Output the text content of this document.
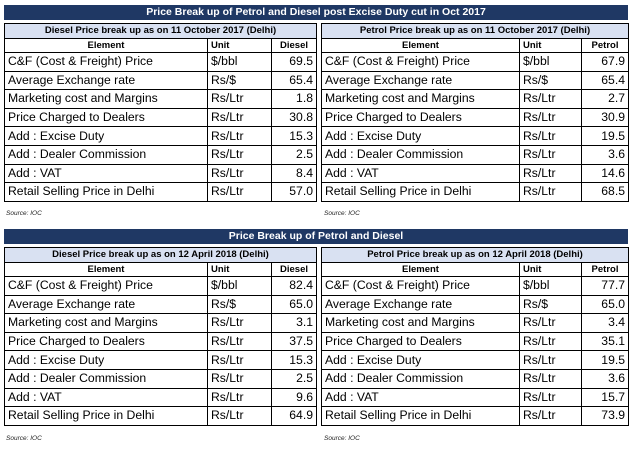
Price Break up of Petrol and Diesel post Excise Duty cut in Oct 2017
Diesel Price break up as on 11 October 2017 (Delhi)		
Element	Unit	Diesel
C&F (Cost & Freight) Price	$/bbl	69.5
Average Exchange rate	Rs/$	65.4
Marketing cost and Margins	Rs/Ltr	1.8
Price Charged to Dealers	Rs/Ltr	30.8
Add : Excise Duty	Rs/Ltr	15.3
Add : Dealer Commission	Rs/Ltr	2.5
Add : VAT	Rs/Ltr	8.4
Retail Selling Price in Delhi	Rs/Ltr	57.0
Source: IOC
Petrol Price break up as on 11 October 2017 (Delhi)		
Element	Unit	Petrol
C&F (Cost & Freight) Price	$/bbl	67.9
Average Exchange rate	Rs/$	65.4
Marketing cost and Margins	Rs/Ltr	2.7
Price Charged to Dealers	Rs/Ltr	30.9
Add : Excise Duty	Rs/Ltr	19.5
Add : Dealer Commission	Rs/Ltr	3.6
Add : VAT	Rs/Ltr	14.6
Retail Selling Price in Delhi	Rs/Ltr	68.5
Source: IOC
Price Break up of Petrol and Diesel
Diesel Price break up as on 12 April 2018 (Delhi)		
Element	Unit	Diesel
C&F (Cost & Freight) Price	$/bbl	82.4
Average Exchange rate	Rs/$	65.0
Marketing cost and Margins	Rs/Ltr	3.1
Price Charged to Dealers	Rs/Ltr	37.5
Add : Excise Duty	Rs/Ltr	15.3
Add : Dealer Commission	Rs/Ltr	2.5
Add : VAT	Rs/Ltr	9.6
Retail Selling Price in Delhi	Rs/Ltr	64.9
Source: IOC
Petrol Price break up as on 12 April 2018 (Delhi)		
Element	Unit	Petrol
C&F (Cost & Freight) Price	$/bbl	77.7
Average Exchange rate	Rs/$	65.0
Marketing cost and Margins	Rs/Ltr	3.4
Price Charged to Dealers	Rs/Ltr	35.1
Add : Excise Duty	Rs/Ltr	19.5
Add : Dealer Commission	Rs/Ltr	3.6
Add : VAT	Rs/Ltr	15.7
Retail Selling Price in Delhi	Rs/Ltr	73.9
Source: IOC
